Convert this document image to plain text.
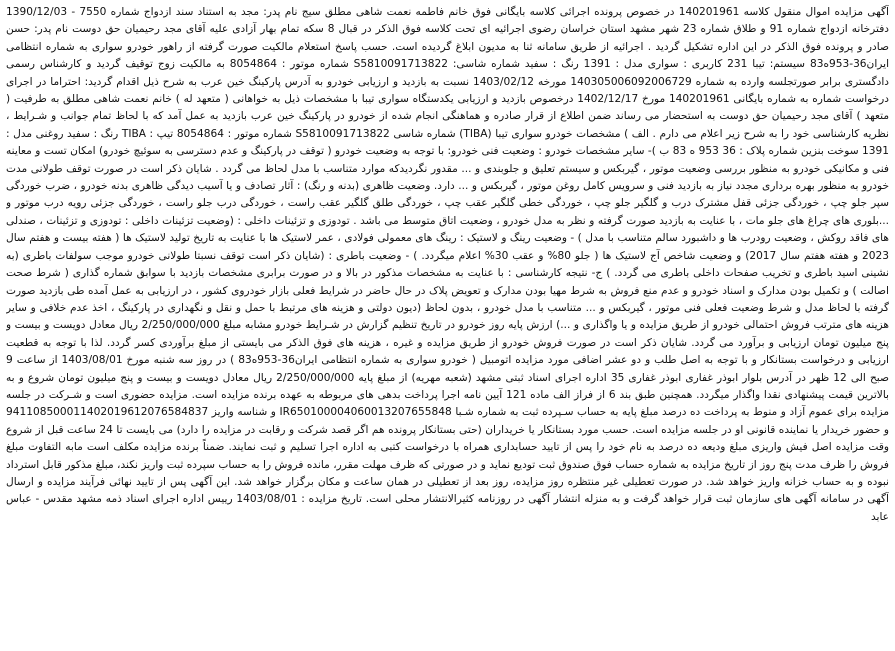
آگهی مزایده اموال منقول کلاسه 140201961 در خصوص پرونده اجرائی کلاسه بایگانی فوق خانم فاطمه نعمت شاهی مطلق سیج نام پدر: مجد به استناد سند ازدواج شماره 7550 - 1390/12/03 دفترخانه ازدواج شماره 91 و طلاق شماره 23 شهر مشهد استان خراسان رضوی اجرائیه ای تحت کلاسه فوق الذکر در قبال 8 سکه تمام بهار آزادی علیه آقای مجد رحیمیان حق دوست نام پدر: حسن صادر و پرونده فوق الذکر در این اداره تشکیل گردید . اجرائیه از طریق سامانه ثنا به مدیون ابلاغ گردیده است. حسب پاسخ استعلام مالکیت صورت گرفته از راهور خودرو سواری به شماره انتظامی ایران36-953ه83 سیستم: تیبا 231 کاربری : سواری مدل : 1391 رنگ : سفید شماره شاسی: S5810091713822 شماره موتور : 8054864 به مالکیت زوج توقیف گردید و کارشناس رسمی دادگستری برابر صورتجلسه وارده به شماره 140305006092006729 مورخه 1403/02/12 نسبت به بازدید و ارزیابی خودرو به آدرس پارکینگ خین عرب به شرح ذیل اقدام گردید: احتراما در اجرای درخواست شماره به شماره بایگانی 140201961 مورخ 1402/12/17 درخصوص بازدید و ارزیابی یکدستگاه سواری تیبا با مشخصات ذیل به خواهانی ( متعهد له ) خانم نعمت شاهی مطلق به طرفیت ( متعهد ) آقای مجد رحیمیان حق دوست به استحضار می رساند ضمن اطلاع از قرار صادره و هماهنگی انجام شده از خودرو در پارکینگ خین عرب بازدید به عمل آمد که با لحاظ تمام جوانب و شـرایط ، نظریه کارشناسی خود را به شرح زیر اعلام می دارم . الف ) مشخصات خودرو سواری تیبا (TIBA) شماره شاسی S5810091713822 شماره موتور : 8054864 تیپ : TIBA رنگ : سفید روغنی مدل : 1391 سوخت بنزین شماره پلاک : 36 953 ه 83 ب )- سایر مشخصات خودرو : وضعیت فنی خودرو: با توجه به وضعیت خودرو ( توقف در پارکینگ و عدم دسترسی به سوئیچ خودرو) امکان تست و معاینه فنی و مکانیکی خودرو به منظور بررسی وضعیت موتور ، گیربکس و سیستم تعلیق و جلوبندی و ... مقدور نگردیدکه موارد متناسب با مدل لحاظ می گردد . شایان ذکر است در صورت توقف طولانی مدت خودرو به منظور بهره برداری مجدد نیاز به بازدید فنی و سرویس کامل روغن موتور ، گیربکس و ... دارد. وضعیت ظاهری (بدنه و رنگ) : آثار تصادف و یا آسیب دیدگی ظاهری بدنه خودرو ، ضرب خوردگی سپر جلو چپ ، خوردگی جزئی قفل مشترک درب و گلگیر جلو چپ ، خوردگی خطی گلگیر عقب چپ ، خوردگی طلق گلگیر عقب راست ، خوردگی درب جلو راست ، خوردگی جزئی رویه درب موتور و ...بلوری های چراغ های جلو مات ، با عنایت به بازدید صورت گرفته و نظر به مدل خودرو ، وضعیت اتاق متوسط می باشد . تودوزی و تزئینات داخلی : (وضعیت تزئینات داخلی : تودوزی و تزئینات ، صندلی های فاقد روکش ، وضعیت رودرب ها و داشبورد سالم متناسب با مدل ) - وضعیت رینگ و لاستیک : رینگ های معمولی فولادی ، عمر لاستیک ها با عنایت به تاریخ تولید لاستیک ها ( هفته بیست و هفتم سال 2023 و هفته هفتم سال 2017) و وضعیت شاخص آج لاستیک ها ( جلو 80% و عقب 30% اعلام میگردد. ) - وضعیت باطری : (شایان ذکر است توقف نسبتا طولانی خودرو موجب سولفات باطری (به نشینی اسید باطری و تخریب صفحات داخلی باطری می گردد. ) ج- نتیجه کارشناسی : با عنایت به مشخصات مذکور در بالا و در صورت برابری مشخصات بازدید با سوابق شماره گذاری ( شرط صحت اصالت ) و تکمیل بودن مدارک و اسناد خودرو و عدم منع فروش به شرط مهیا بودن مدارک و تعویض پلاک در حال حاضر در شرایط فعلی بازار خودروی کشور ، در ارزیابی به عمل آمده طی بازدید صورت گرفته با لحاظ مدل و شرط وضعیت فعلی فنی موتور ، گیربکس و ... متناسب با مدل خودرو ، بدون لحاظ (دیون دولتی و هزینه های مرتبط با حمل و نقل و نگهداری در پارکینگ ، اخذ عدم خلافی و سایر هزینه های مترتب فروش احتمالی خودرو از طریق مزایده و یا واگذاری و ...) ارزش پایه روز خودرو در تاریخ تنظیم گزارش در شـرایط خودرو مشابه مبلغ 2/250/000/000 ریال معادل دویست و بیست و پنج میلیون تومان ارزیابی و برآورد می گردد. شایان ذکر است در صورت فروش خودرو از طریق مزایده و غیره ، هزینه های فوق الذکر می بایستی از مبلغ برآوردی کسر گردد. لذا با توجه به قطعیت ارزیابی و درخواست بستانکار و با توجه به اصل طلب و دو عشر اضافی مورد مزایده اتومبیل ( خودرو سواری به شماره انتظامی ایران36-953ه83 ) در روز سه شنبه مورخ 1403/08/01 از ساعت 9 صبح الی 12 ظهر در آدرس بلوار ابوذر غفاری ابوذر غفاری 35 اداره اجرای اسناد ثبتی مشهد (شعبه مهریه) از مبلغ پایه 2/250/000/000 ریال معادل دویست و بیست و پنج میلیون تومان شروع و به بالاترین قیمت پیشنهادی نقدا واگذار میگردد. همچنین طبق بند 6 از فراز الف ماده 121 آیین نامه اجرا پرداخت بدهی های مربوطه به عهده برنده مزایده است. مزایده حضوری است و شـرکت در جلسه مزایده برای عموم آزاد و منوط به پرداخت ده درصد مبلغ پایه به حساب سـپرده ثبت به شماره شـبا IR650100004060013207655848 و شناسه واریز 941108500011402019612076584837 و حضور خریدار یا نماینده قانونی او در جلسه مزایده است. حسب مورد بستانکار یا خریداران (حتی بستانکار پرونده هم اگر قصد شرکت و رقابت در مزایده را دارد) می بایست تا 24 ساعت قبل از شروع وقت مزایده اصل فیش واریزی مبلغ ودیعه ده درصد به نام خود را پس از تایید حسابداری همراه با درخواست کتبی به اداره اجرا تسلیم و ثبت نمایند. ضمناً برنده مزایده مکلف است مابه التفاوت مبلغ فروش را ظرف مدت پنج روز از تاریخ مزایده به شماره حساب فوق صندوق ثبت تودیع نماید و در صورتی که ظرف مهلت مقرر، مانده فروش را به حساب سپرده ثبت واریز نکند، مبلغ مذکور قابل استرداد نبوده و به حساب خزانه واریز خواهد شد. در صورت تعطیلی غیر منتظره روز مزایده، روز بعد از تعطیلی در همان ساعت و مکان برگزار خواهد شد. این آگهی پس از تایید نهائی فرآیند مزایده و ارسال آگهی در سامانه آگهی های سازمان ثبت قرار خواهد گرفت و به منزله انتشار آگهی در روزنامه کثیرالانتشار محلی است. تاریخ مزایده : 1403/08/01 رییس اداره اجرای اسناد ذمه مشهد مقدس - عباس عابد
